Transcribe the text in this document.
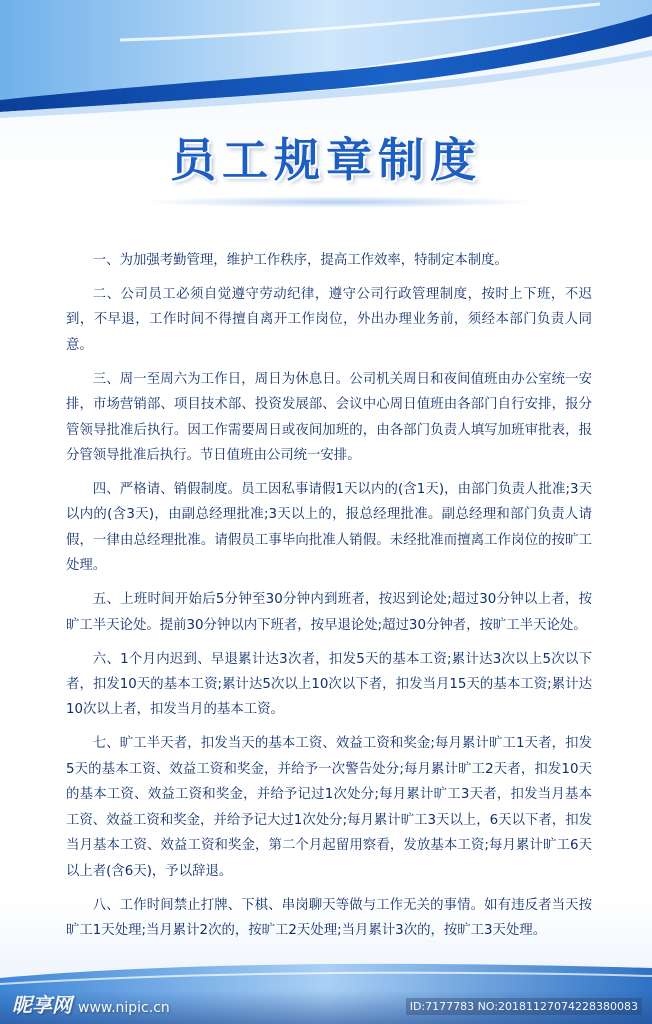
员工规章制度

一、为加强考勤管理，维护工作秩序，提高工作效率，特制定本制度。

二、公司员工必须自觉遵守劳动纪律，遵守公司行政管理制度，按时上下班，不迟到，不早退，工作时间不得擅自离开工作岗位，外出办理业务前，须经本部门负责人同意。

三、周一至周六为工作日，周日为休息日。公司机关周日和夜间值班由办公室统一安排，市场营销部、项目技术部、投资发展部、会议中心周日值班由各部门自行安排，报分管领导批准后执行。因工作需要周日或夜间加班的，由各部门负责人填写加班审批表，报分管领导批准后执行。节日值班由公司统一安排。

四、严格请、销假制度。员工因私事请假1天以内的(含1天)，由部门负责人批准;3天以内的(含3天)，由副总经理批准;3天以上的，报总经理批准。副总经理和部门负责人请假，一律由总经理批准。请假员工事毕向批准人销假。未经批准而擅离工作岗位的按旷工处理。

五、上班时间开始后5分钟至30分钟内到班者，按迟到论处;超过30分钟以上者，按旷工半天论处。提前30分钟以内下班者，按早退论处;超过30分钟者，按旷工半天论处。

六、1个月内迟到、早退累计达3次者，扣发5天的基本工资;累计达3次以上5次以下者，扣发10天的基本工资;累计达5次以上10次以下者，扣发当月15天的基本工资;累计达10次以上者，扣发当月的基本工资。

七、旷工半天者，扣发当天的基本工资、效益工资和奖金;每月累计旷工1天者，扣发5天的基本工资、效益工资和奖金，并给予一次警告处分;每月累计旷工2天者，扣发10天的基本工资、效益工资和奖金，并给予记过1次处分;每月累计旷工3天者，扣发当月基本工资、效益工资和奖金，并给予记大过1次处分;每月累计旷工3天以上，6天以下者，扣发当月基本工资、效益工资和奖金，第二个月起留用察看，发放基本工资;每月累计旷工6天以上者(含6天)，予以辞退。

八、工作时间禁止打牌、下棋、串岗聊天等做与工作无关的事情。如有违反者当天按旷工1天处理;当月累计2次的，按旷工2天处理;当月累计3次的，按旷工3天处理。

昵享网 www.nipic.cn	ID:7177783 NO:20181127074228380083
